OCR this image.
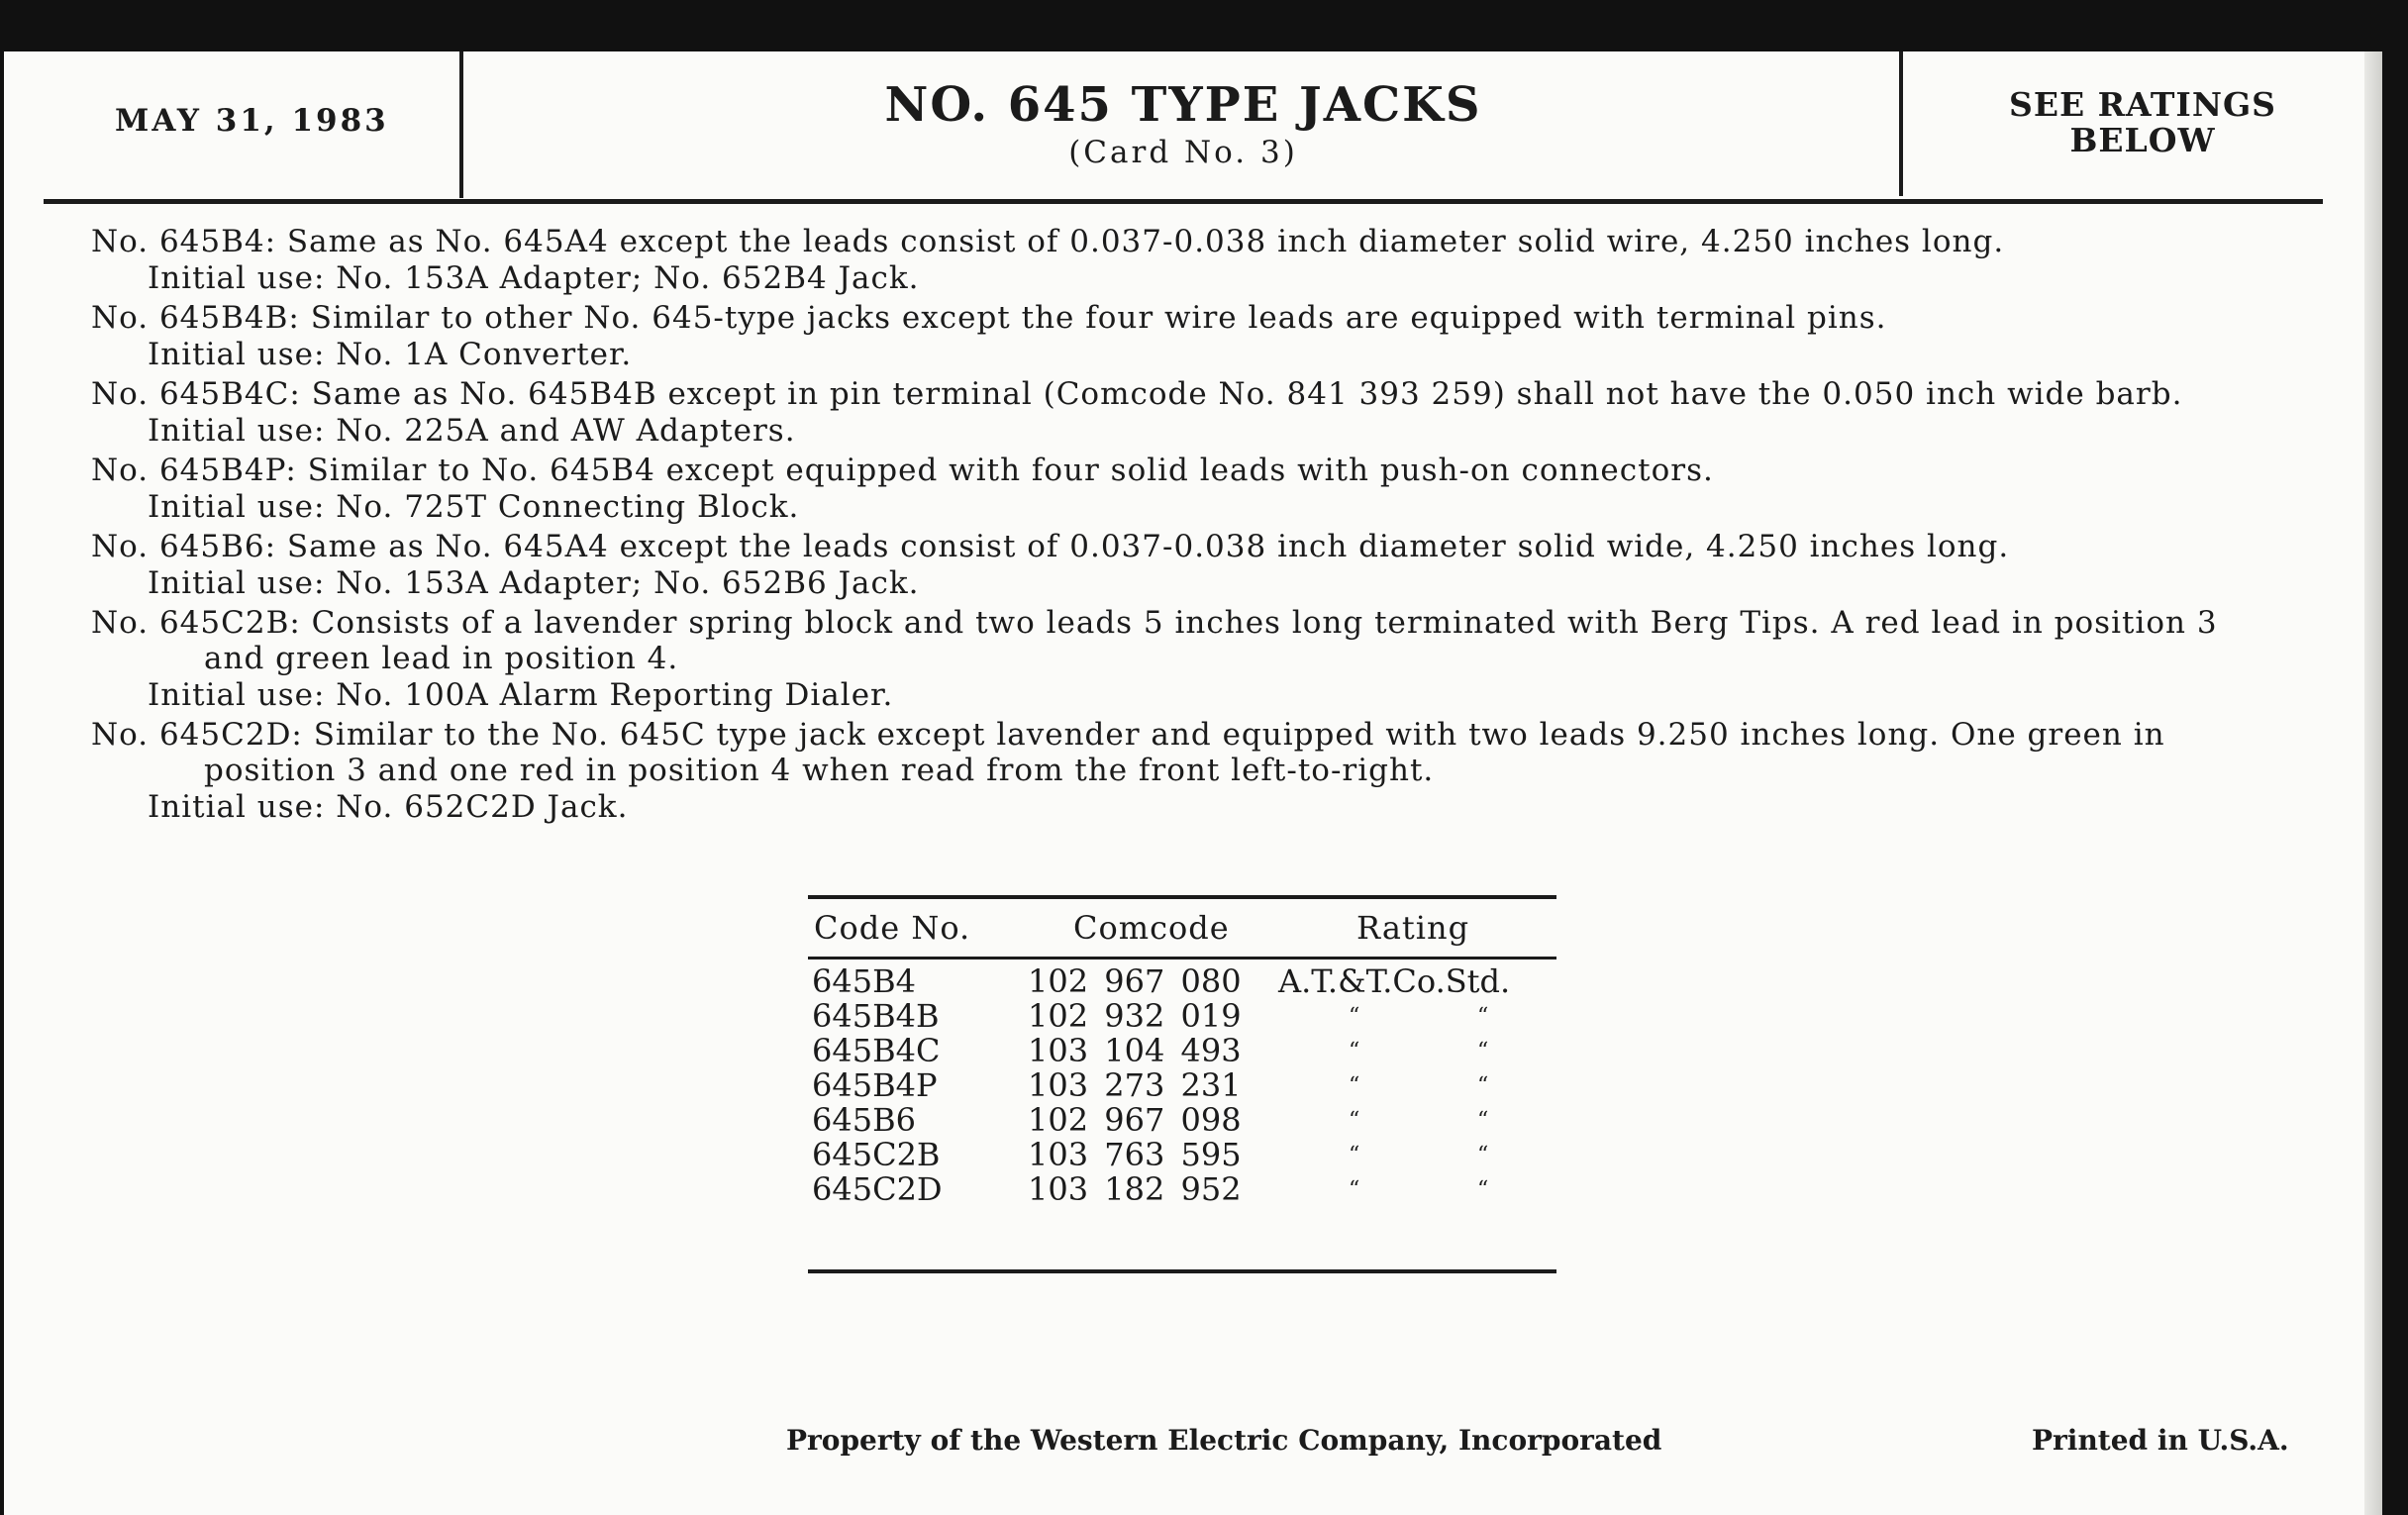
MAY 31, 1983	NO. 645 TYPE JACKS
(Card No. 3)
SEE RATINGS
BELOW
No. 645B4: Same as No. 645A4 except the leads consist of 0.037-0.038 inch diameter solid wire, 4.250 inches long.
Initial use: No. 153A Adapter; No. 652B4 Jack.
No. 645B4B: Similar to other No. 645-type jacks except the four wire leads are equipped with terminal pins.
Initial use: No. 1A Converter.
No. 645B4C: Same as No. 645B4B except in pin terminal (Comcode No. 841 393 259) shall not have the 0.050 inch wide barb.
Initial use: No. 225A and AW Adapters.
No. 645B4P: Similar to No. 645B4 except equipped with four solid leads with push-on connectors.
Initial use: No. 725T Connecting Block.
No. 645B6: Same as No. 645A4 except the leads consist of 0.037-0.038 inch diameter solid wide, 4.250 inches long.
Initial use: No. 153A Adapter; No. 652B6 Jack.
No. 645C2B: Consists of a lavender spring block and two leads 5 inches long terminated with Berg Tips. A red lead in position 3 and green lead in position 4.
Initial use: No. 100A Alarm Reporting Dialer.
No. 645C2D: Similar to the No. 645C type jack except lavender and equipped with two leads 9.250 inches long. One green in position 3 and one red in position 4 when read from the front left-to-right.
Initial use: No. 652C2D Jack.
Code No.	Comcode	Rating
645B4	102 967 080 A.T.&T.Co.Std.
645B4B	102 932 019	“	“
645B4C	103 104 493	“	“
645B4P	103 273 231	“	“
645B6	102 967 098	“	“
645C2B	103 763 595	“	“
645C2D	103 182 952	“	“
Property of the Western Electric Company, Incorporated	Printed in U.S.A.
